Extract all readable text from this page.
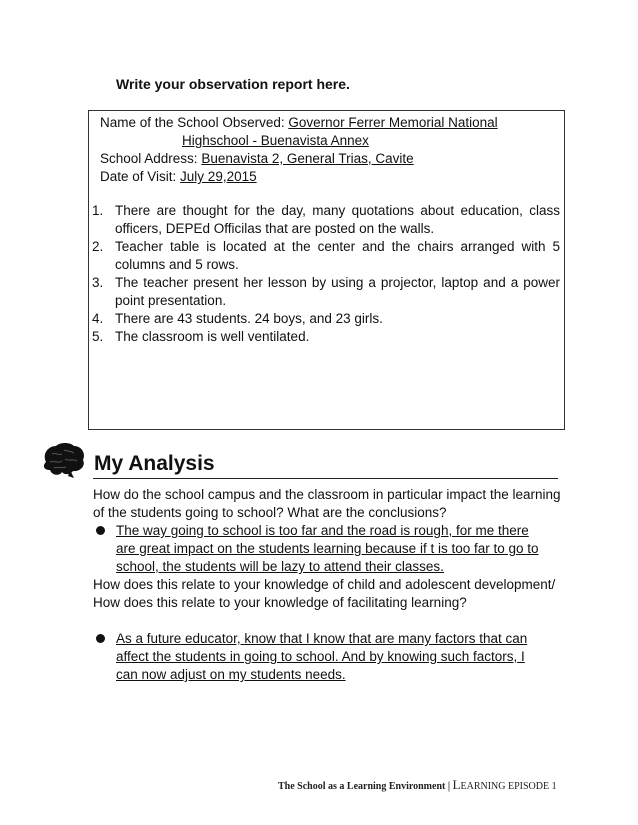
Write your observation report here.
Name of the School Observed: Governor Ferrer Memorial National
Highschool - Buenavista Annex
School Address: Buenavista 2, General Trias, Cavite
Date of Visit: July 29,2015
1. There are thought for the day, many quotations about education, class officers, DEPEd Officilas that are posted on the walls.
2. Teacher table is located at the center and the chairs arranged with 5 columns and 5 rows.
3. The teacher present her lesson by using a projector, laptop and a power point presentation.
4. There are 43 students. 24 boys, and 23 girls.
5. The classroom is well ventilated.
My Analysis
How do the school campus and the classroom in particular impact the learning of the students going to school? What are the conclusions?
The way going to school is too far and the road is rough, for me there are great impact on the students learning because if t is too far to go to school, the students will be lazy to attend their classes.
How does this relate to your knowledge of child and adolescent development/ How does this relate to your knowledge of facilitating learning?
As a future educator, know that I know that are many factors that can affect the students in going to school. And by knowing such factors, I can now adjust on my students needs.
The School as a Learning Environment | LEARNING EPISODE 1
